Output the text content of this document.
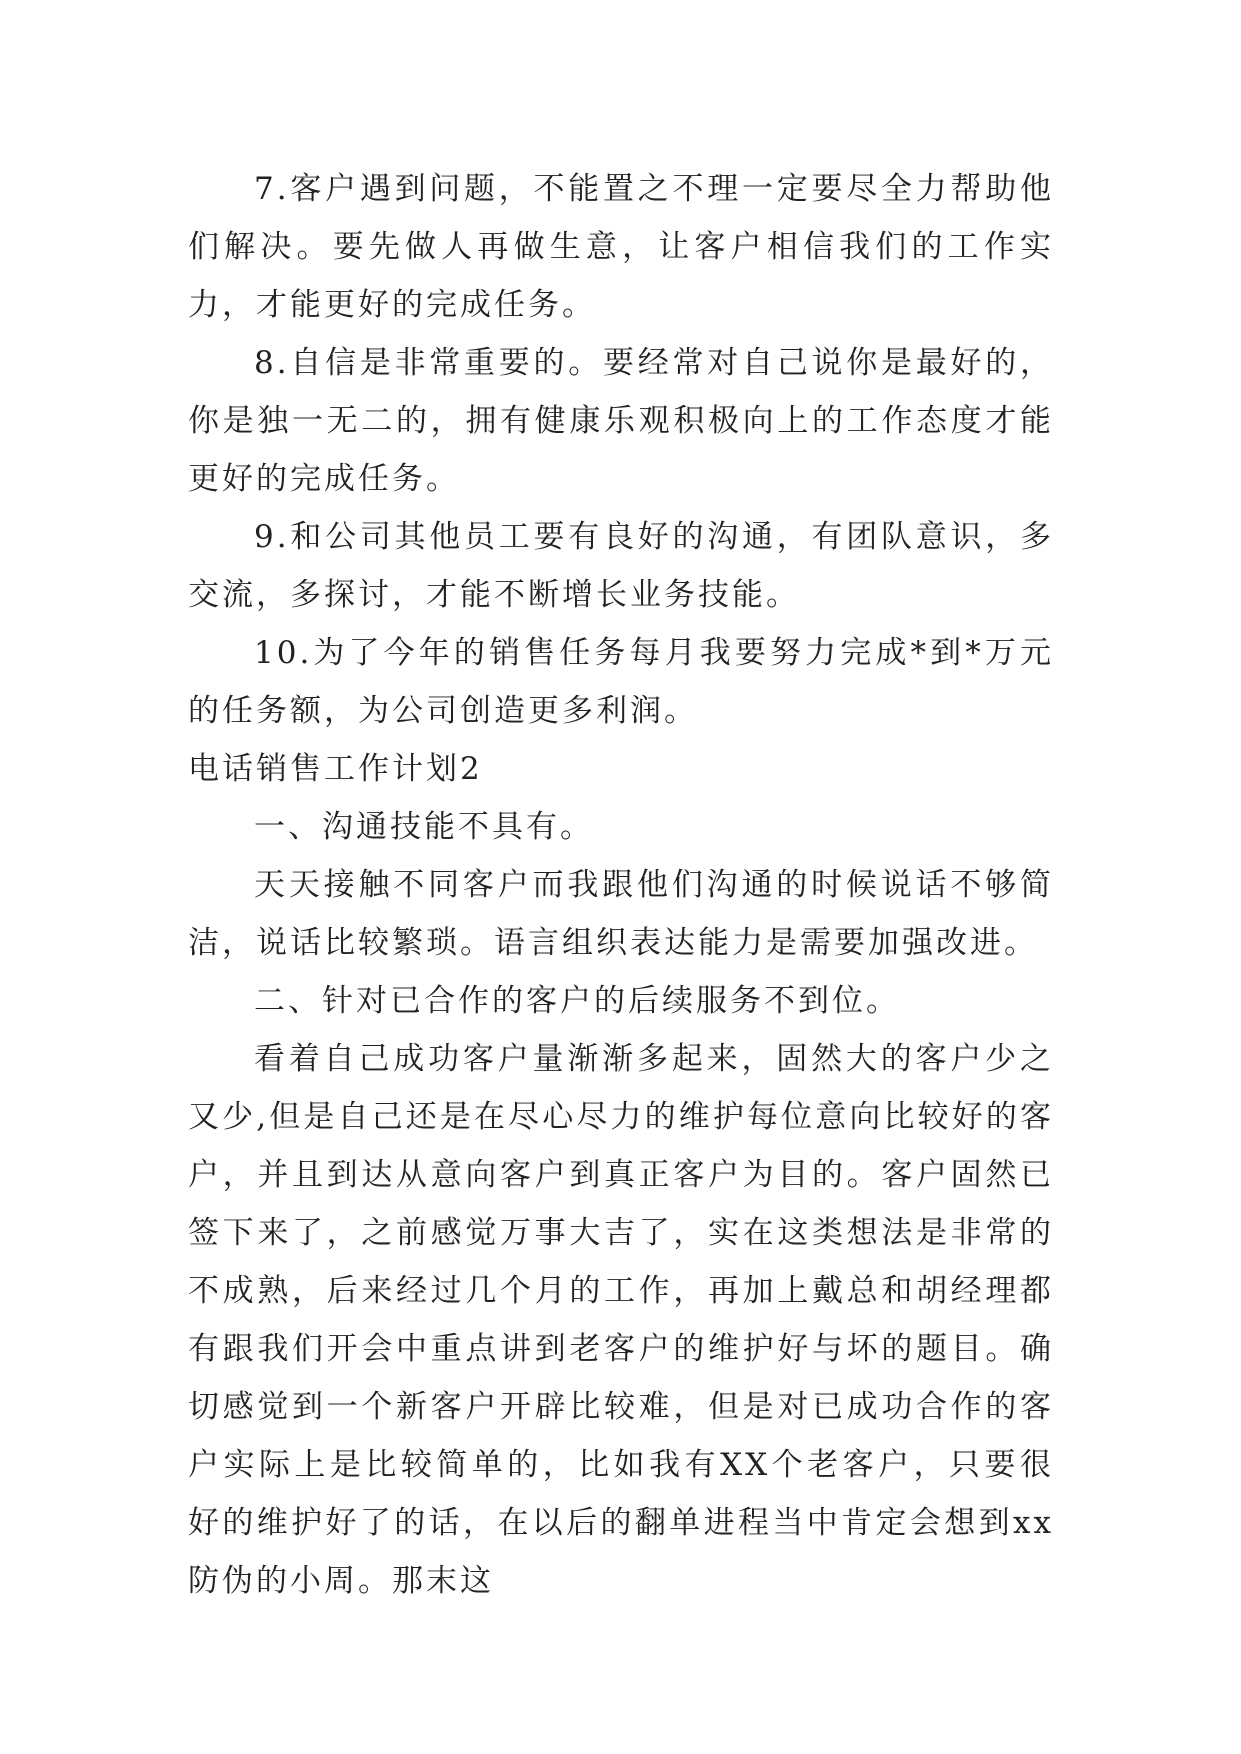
7.客户遇到问题，不能置之不理一定要尽全力帮助他们解决。要先做人再做生意，让客户相信我们的工作实力，才能更好的完成任务。

8.自信是非常重要的。要经常对自己说你是最好的，你是独一无二的，拥有健康乐观积极向上的工作态度才能更好的完成任务。

9.和公司其他员工要有良好的沟通，有团队意识，多交流，多探讨，才能不断增长业务技能。

10.为了今年的销售任务每月我要努力完成*到*万元的任务额，为公司创造更多利润。

电话销售工作计划2

一、沟通技能不具有。

天天接触不同客户而我跟他们沟通的时候说话不够简洁，说话比较繁琐。语言组织表达能力是需要加强改进。

二、针对已合作的客户的后续服务不到位。

看着自己成功客户量渐渐多起来，固然大的客户少之又少,但是自己还是在尽心尽力的维护每位意向比较好的客户，并且到达从意向客户到真正客户为目的。客户固然已签下来了，之前感觉万事大吉了，实在这类想法是非常的不成熟，后来经过几个月的工作，再加上戴总和胡经理都有跟我们开会中重点讲到老客户的维护好与坏的题目。确切感觉到一个新客户开辟比较难，但是对已成功合作的客户实际上是比较简单的，比如我有XX个老客户，只要很好的维护好了的话，在以后的翻单进程当中肯定会想到xx防伪的小周。那末这
